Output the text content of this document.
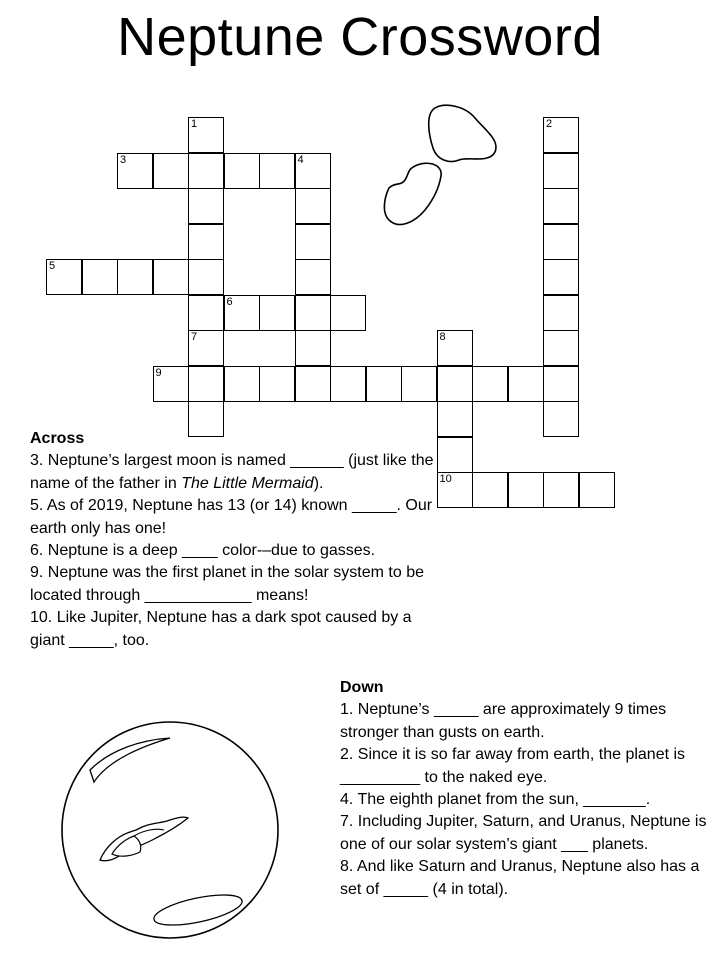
Neptune Crossword
1
7
2
3	4
5
6
8
10
9

Across

3. Neptune’s largest moon is named ______ (just like the name of the father in The Little Mermaid).

5. As of 2019, Neptune has 13 (or 14) known _____. Our earth only has one!

6. Neptune is a deep ____ color-–due to gasses.

9. Neptune was the first planet in the solar system to be located through ____________ means!

10. Like Jupiter, Neptune has a dark spot caused by a giant _____, too.

Down

1. Neptune’s _____ are approximately 9 times stronger than gusts on earth.

2. Since it is so far away from earth, the planet is _________ to the naked eye.

4. The eighth planet from the sun, _______.

7. Including Jupiter, Saturn, and Uranus, Neptune is one of our solar system’s giant ___ planets.

8. And like Saturn and Uranus, Neptune also has a set of _____ (4 in total).
